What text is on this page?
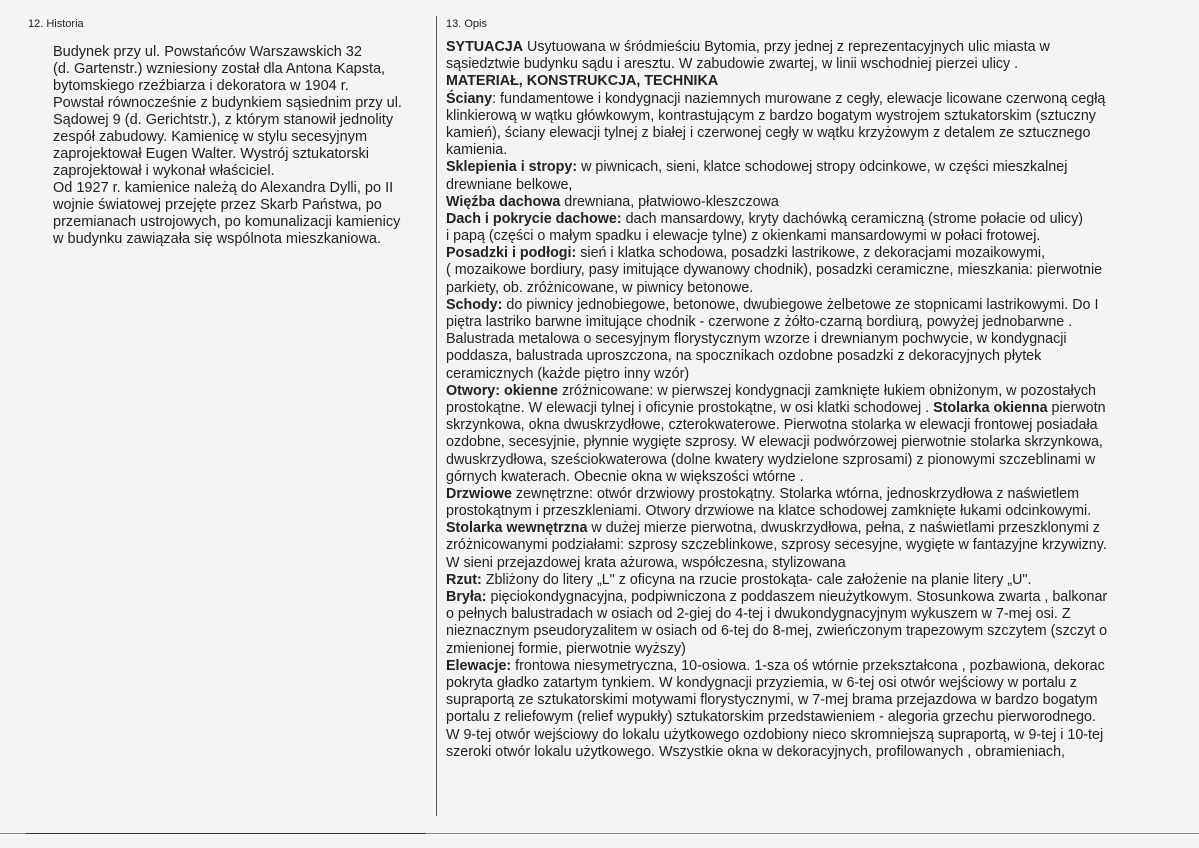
12. Historia
Budynek przy ul. Powstańców Warszawskich 32
(d. Gartenstr.) wzniesiony został dla Antona Kapsta,
bytomskiego rzeźbiarza i dekoratora w 1904 r.
Powstał równocześnie z budynkiem sąsiednim przy ul.
Sądowej 9 (d. Gerichtstr.), z którym stanowił jednolity
zespół zabudowy. Kamienicę w stylu secesyjnym
zaprojektował Eugen Walter. Wystrój sztukatorski
zaprojektował i wykonał właściciel.
Od 1927 r. kamienice należą do Alexandra Dylli, po II
wojnie światowej przejęte przez Skarb Państwa, po
przemianach ustrojowych, po komunalizacji kamienicy
w budynku zawiązała się wspólnota mieszkaniowa.
13. Opis
SYTUACJA Usytuowana w śródmieściu Bytomia, przy jednej z reprezentacyjnych ulic miasta w
sąsiedztwie budynku sądu i aresztu. W zabudowie zwartej, w linii wschodniej pierzei ulicy .
MATERIAŁ, KONSTRUKCJA, TECHNIKA
Ściany: fundamentowe i kondygnacji naziemnych murowane z cegły, elewacje licowane czerwoną cegłą
klinkierową w wątku główkowym, kontrastującym z bardzo bogatym wystrojem sztukatorskim (sztuczny
kamień), ściany elewacji tylnej z białej i czerwonej cegły w wątku krzyżowym z detalem ze sztucznego
kamienia.
Sklepienia i stropy: w piwnicach, sieni, klatce schodowej stropy odcinkowe, w części mieszkalnej
drewniane belkowe,
Więźba dachowa drewniana, płatwiowo-kleszczowa
Dach i pokrycie dachowe: dach mansardowy, kryty dachówką ceramiczną (strome połacie od ulicy)
i papą (części o małym spadku i elewacje tylne) z okienkami mansardowymi w połaci frotowej.
Posadzki i podłogi: sień i klatka schodowa, posadzki lastrikowe, z dekoracjami mozaikowymi,
( mozaikowe bordiury, pasy imitujące dywanowy chodnik), posadzki ceramiczne, mieszkania: pierwotnie
parkiety, ob. zróżnicowane, w piwnicy betonowe.
Schody: do piwnicy jednobiegowe, betonowe, dwubiegowe żelbetowe ze stopnicami lastrikowymi. Do I
piętra lastriko barwne imitujące chodnik - czerwone z żółto-czarną bordiurą, powyżej jednobarwne .
Balustrada metalowa o secesyjnym florystycznym wzorze i drewnianym pochwycie, w kondygnacji
poddasza, balustrada uproszczona, na spocznikach ozdobne posadzki z dekoracyjnych płytek
ceramicznych (każde piętro inny wzór)
Otwory: okienne zróżnicowane: w pierwszej kondygnacji zamknięte łukiem obniżonym, w pozostałych
prostokątne. W elewacji tylnej i oficynie prostokątne, w osi klatki schodowej . Stolarka okienna pierwotn
skrzynkowa, okna dwuskrzydłowe, czterokwaterowe. Pierwotna stolarka w elewacji frontowej posiadała
ozdobne, secesyjnie, płynnie wygięte szprosy. W elewacji podwórzowej pierwotnie stolarka skrzynkowa,
dwuskrzydłowa, sześciokwaterowa (dolne kwatery wydzielone szprosami) z pionowymi szczeblinami w
górnych kwaterach. Obecnie okna w większości wtórne .
Drzwiowe zewnętrzne: otwór drzwiowy prostokątny. Stolarka wtórna, jednoskrzydłowa z naświetlem
prostokątnym i przeszkleniami. Otwory drzwiowe na klatce schodowej zamknięte łukami odcinkowymi.
Stolarka wewnętrzna w dużej mierze pierwotna, dwuskrzydłowa, pełna, z naświetlami przeszklonymi z
zróżnicowanymi podziałami: szprosy szczeblinkowe, szprosy secesyjne, wygięte w fantazyjne krzywizny.
W sieni przejazdowej krata ażurowa, współczesna, stylizowana
Rzut: Zbliżony do litery „L" z oficyna na rzucie prostokąta- cale założenie na planie litery „U".
Bryła: pięciokondygnacyjna, podpiwniczona z poddaszem nieużytkowym. Stosunkowa zwarta , balkonar
o pełnych balustradach w osiach od 2-giej do 4-tej i dwukondygnacyjnym wykuszem w 7-mej osi. Z
nieznacznym pseudoryzalitem w osiach od 6-tej do 8-mej, zwieńczonym trapezowym szczytem (szczyt o
zmienionej formie, pierwotnie wyższy)
Elewacje: frontowa niesymetryczna, 10-osiowa. 1-sza oś wtórnie przekształcona , pozbawiona, dekorac
pokryta gładko zatartym tynkiem. W kondygnacji przyziemia, w 6-tej osi otwór wejściowy w portalu z
supraportą ze sztukatorskimi motywami florystycznymi, w 7-mej brama przejazdowa w bardzo bogatym
portalu z reliefowym (relief wypukły) sztukatorskim przedstawieniem - alegoria grzechu pierworodnego.
W 9-tej otwór wejściowy do lokalu użytkowego ozdobiony nieco skromniejszą supraportą, w 9-tej i 10-tej
szeroki otwór lokalu użytkowego. Wszystkie okna w dekoracyjnych, profilowanych , obramieniach,
